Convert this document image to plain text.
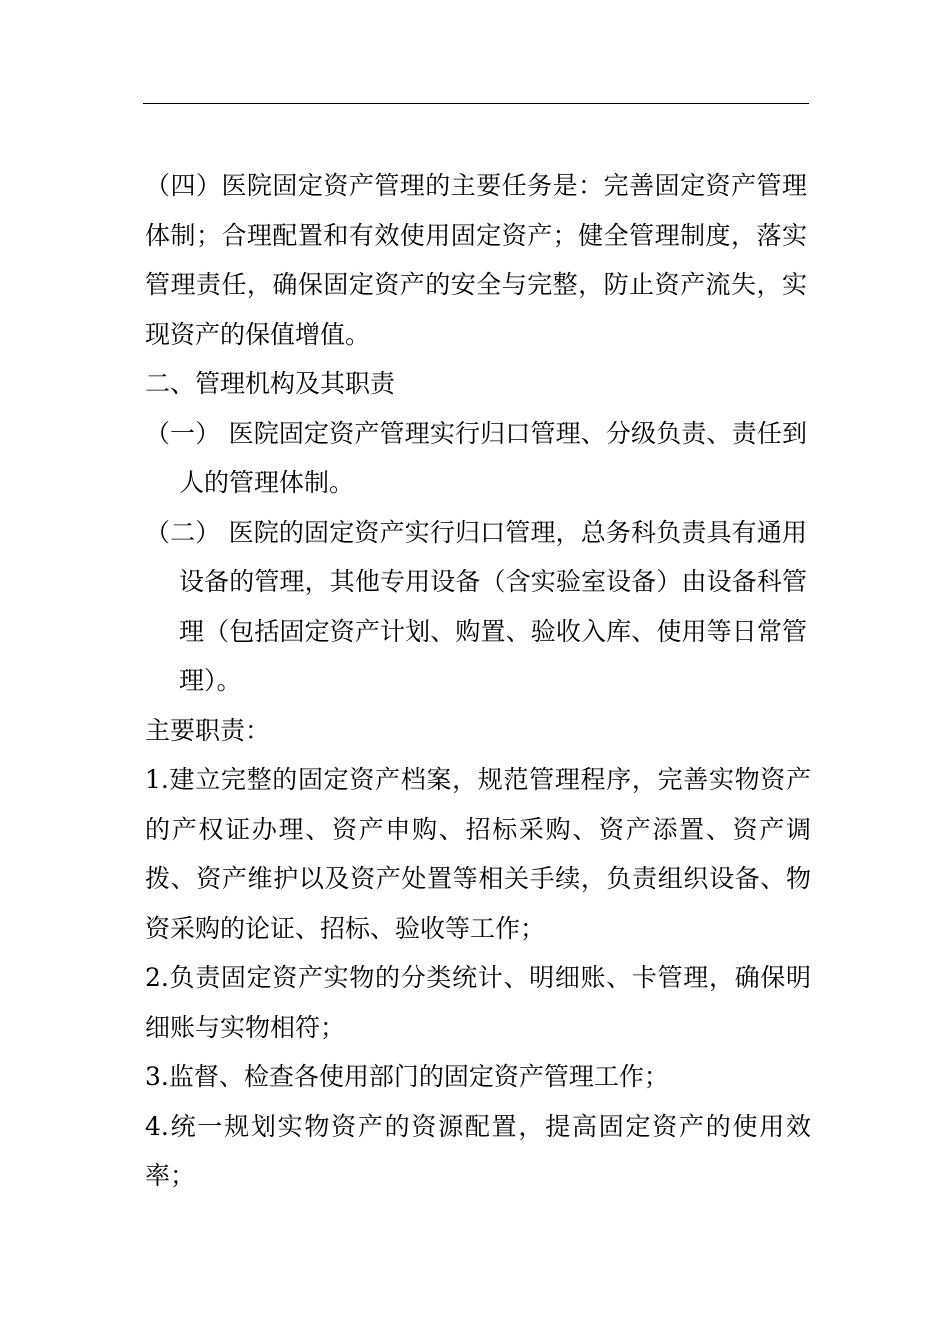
（四）医院固定资产管理的主要任务是：完善固定资产管理体制；合理配置和有效使用固定资产；健全管理制度，落实管理责任，确保固定资产的安全与完整，防止资产流失，实现资产的保值增值。

二、管理机构及其职责

（一） 医院固定资产管理实行归口管理、分级负责、责任到人的管理体制。

（二） 医院的固定资产实行归口管理，总务科负责具有通用设备的管理，其他专用设备（含实验室设备）由设备科管理（包括固定资产计划、购置、验收入库、使用等日常管理）。

主要职责：

1.建立完整的固定资产档案，规范管理程序，完善实物资产的产权证办理、资产申购、招标采购、资产添置、资产调拨、资产维护以及资产处置等相关手续，负责组织设备、物资采购的论证、招标、验收等工作；

2.负责固定资产实物的分类统计、明细账、卡管理，确保明细账与实物相符；

3.监督、检查各使用部门的固定资产管理工作；

4.统一规划实物资产的资源配置，提高固定资产的使用效率；
